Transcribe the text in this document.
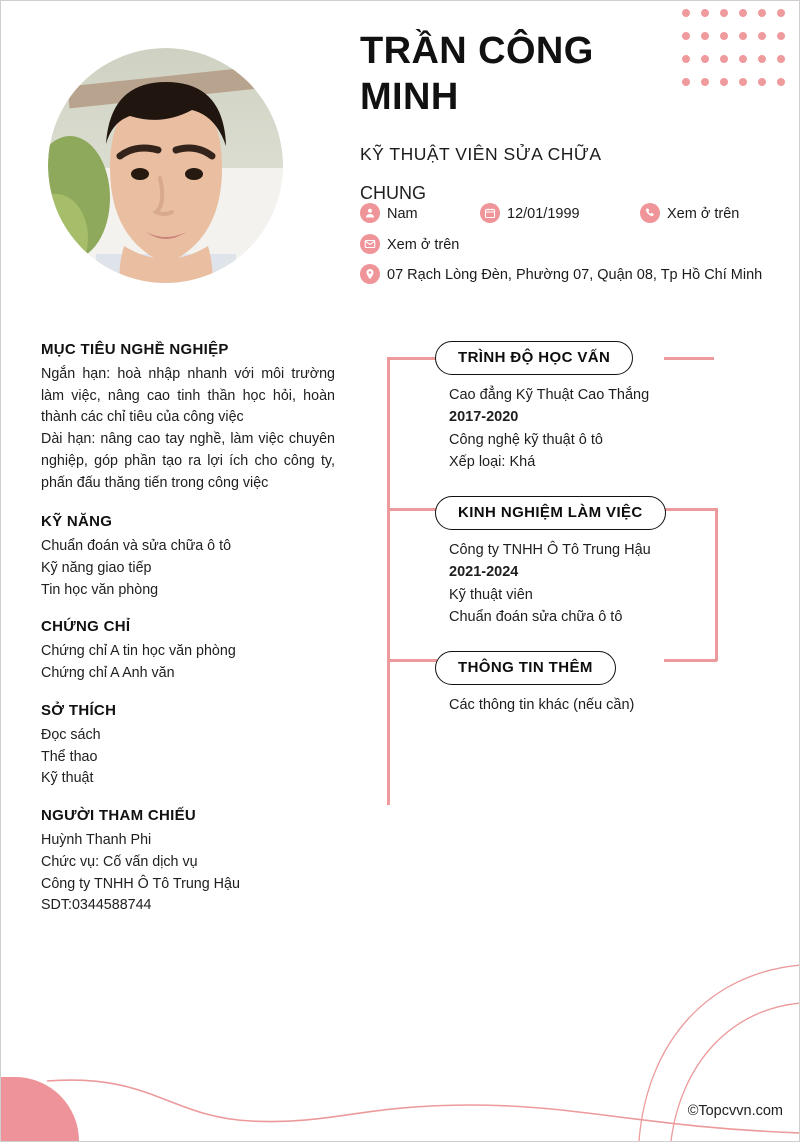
TRẦN CÔNG MINH
KỸ THUẬT VIÊN SỬA CHỮA
CHUNG
Nam	12/01/1999	Xem ở trên
Xem ở trên
07 Rạch Lòng Đèn, Phường 07, Quận 08, Tp Hồ Chí Minh
MỤC TIÊU NGHỀ NGHIỆP

Ngắn hạn: hoà nhập nhanh với môi trường làm việc, nâng cao tinh thần học hỏi, hoàn thành các chỉ tiêu của công việc

Dài hạn: nâng cao tay nghề, làm việc chuyên nghiệp, góp phần tạo ra lợi ích cho công ty, phấn đấu thăng tiến trong công việc

KỸ NĂNG

Chuẩn đoán và sửa chữa ô tô

Kỹ năng giao tiếp

Tin học văn phòng

CHỨNG CHỈ

Chứng chỉ A tin học văn phòng

Chứng chỉ A Anh văn

SỞ THÍCH

Đọc sách

Thể thao

Kỹ thuật

NGƯỜI THAM CHIẾU

Huỳnh Thanh Phi

Chức vụ: Cố vấn dịch vụ

Công ty TNHH Ô Tô Trung Hậu

SDT:0344588744

TRÌNH ĐỘ HỌC VẤN
Cao đẳng Kỹ Thuật Cao Thắng
2017-2020
Công nghệ kỹ thuật ô tô
Xếp loại: Khá
KINH NGHIỆM LÀM VIỆC
Công ty TNHH Ô Tô Trung Hậu
2021-2024
Kỹ thuật viên
Chuẩn đoán sửa chữa ô tô
THÔNG TIN THÊM
Các thông tin khác (nếu cần)
©Topcvvn.com
